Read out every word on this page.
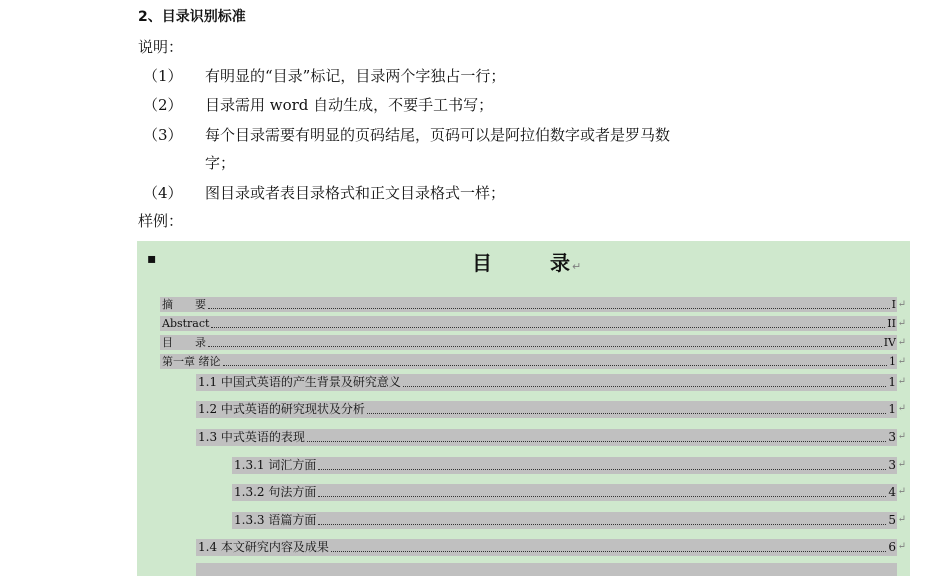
2、目录识别标准
说明：
（1） 有明显的“目录”标记，目录两个字独占一行；
（2） 目录需用 word 自动生成，不要手工书写；
（3） 每个目录需要有明显的页码结尾，页码可以是阿拉伯数字或者是罗马数
字；
（4） 图目录或者表目录格式和正文目录格式一样；
样例：
▪	目	录↵
摘　　要	I ↵
Abstract	II ↵
目　　录	IV ↵
第一章 绪论	1 ↵
1.1 中国式英语的产生背景及研究意义	1 ↵
1.2 中式英语的研究现状及分析	1 ↵
1.3 中式英语的表现	3 ↵
1.3.1 词汇方面	3 ↵
1.3.2 句法方面	4 ↵
1.3.3 语篇方面	5 ↵
1.4 本文研究内容及成果	6 ↵
